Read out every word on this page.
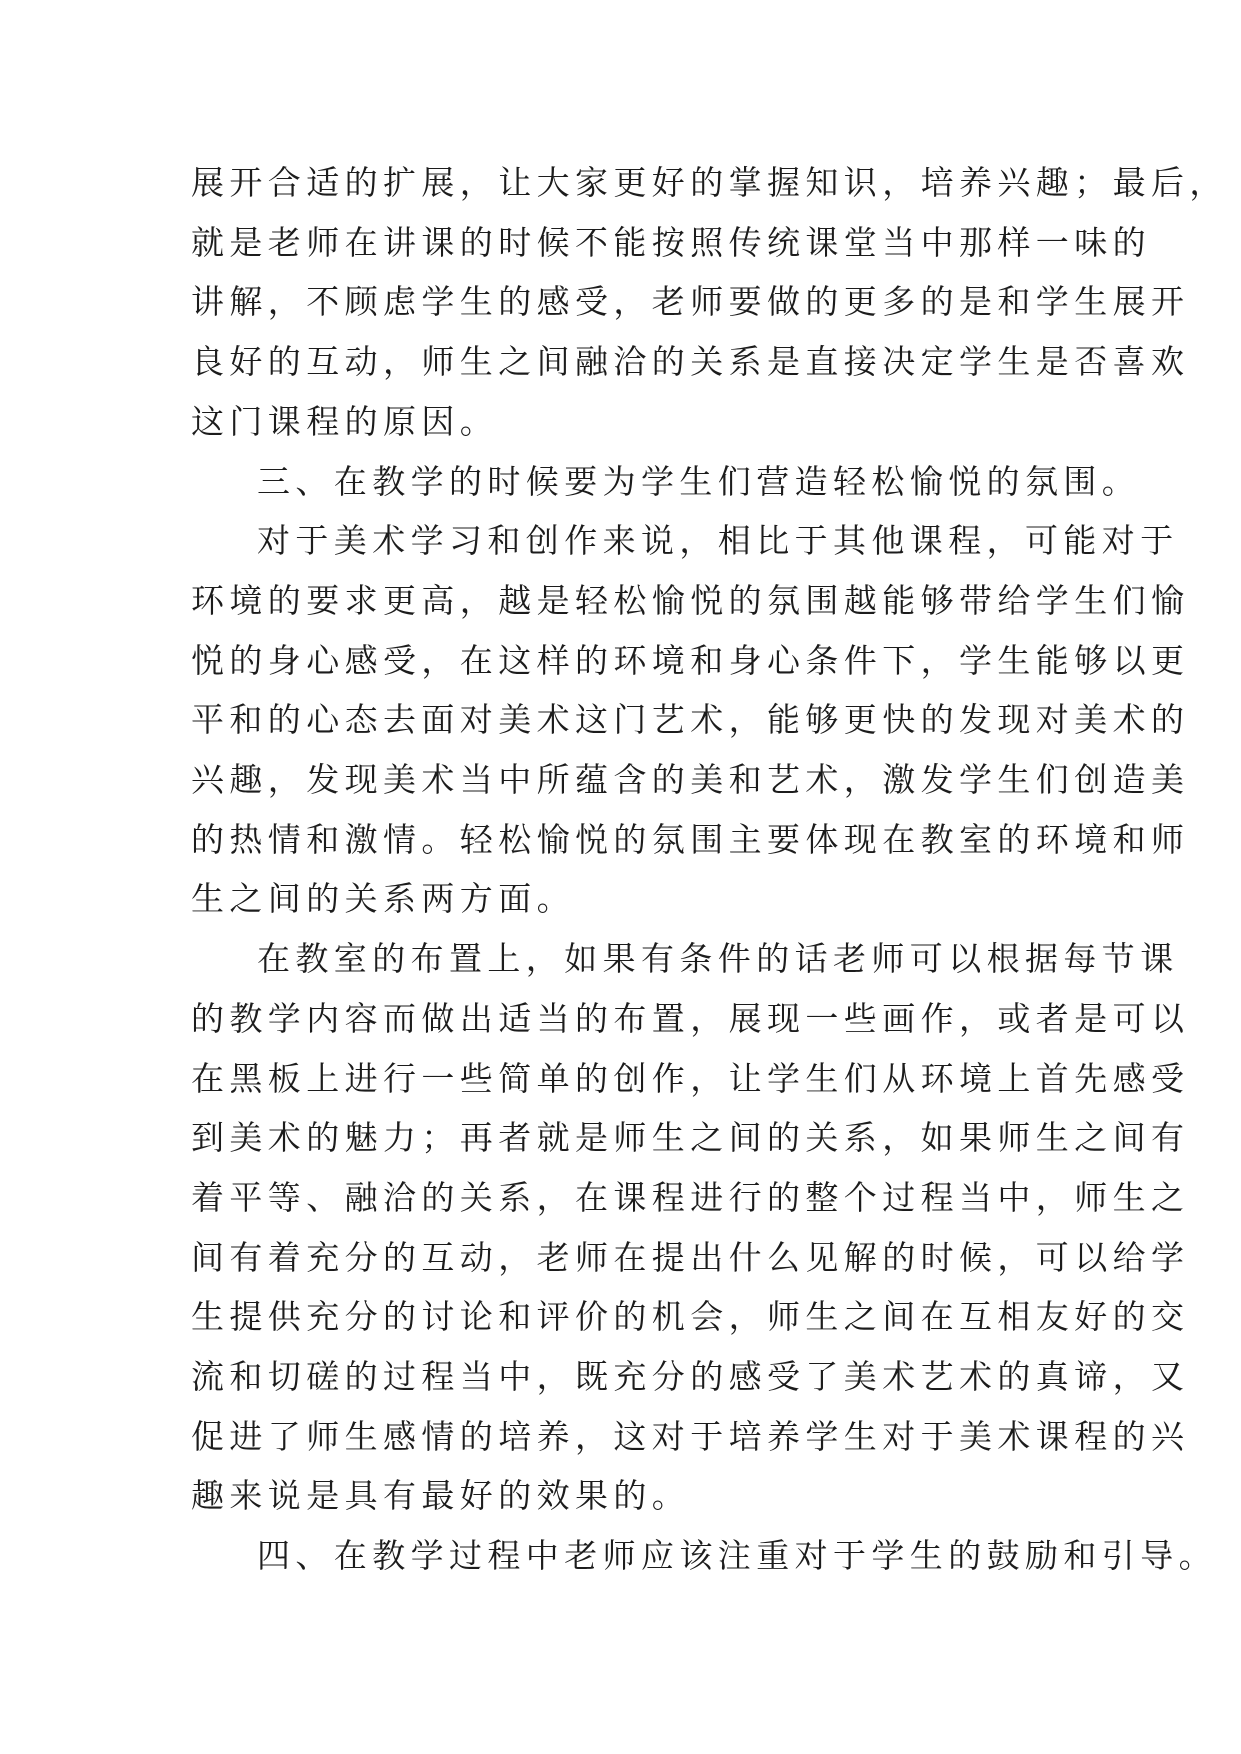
展开合适的扩展，让大家更好的掌握知识，培养兴趣；最后，
就是老师在讲课的时候不能按照传统课堂当中那样一味的
讲解，不顾虑学生的感受，老师要做的更多的是和学生展开
良好的互动，师生之间融洽的关系是直接决定学生是否喜欢
这门课程的原因。
三、在教学的时候要为学生们营造轻松愉悦的氛围。
对于美术学习和创作来说，相比于其他课程，可能对于
环境的要求更高，越是轻松愉悦的氛围越能够带给学生们愉
悦的身心感受，在这样的环境和身心条件下，学生能够以更
平和的心态去面对美术这门艺术，能够更快的发现对美术的
兴趣，发现美术当中所蕴含的美和艺术，激发学生们创造美
的热情和激情。轻松愉悦的氛围主要体现在教室的环境和师
生之间的关系两方面。
在教室的布置上，如果有条件的话老师可以根据每节课
的教学内容而做出适当的布置，展现一些画作，或者是可以
在黑板上进行一些简单的创作，让学生们从环境上首先感受
到美术的魅力；再者就是师生之间的关系，如果师生之间有
着平等、融洽的关系，在课程进行的整个过程当中，师生之
间有着充分的互动，老师在提出什么见解的时候，可以给学
生提供充分的讨论和评价的机会，师生之间在互相友好的交
流和切磋的过程当中，既充分的感受了美术艺术的真谛，又
促进了师生感情的培养，这对于培养学生对于美术课程的兴
趣来说是具有最好的效果的。
四、在教学过程中老师应该注重对于学生的鼓励和引导。
